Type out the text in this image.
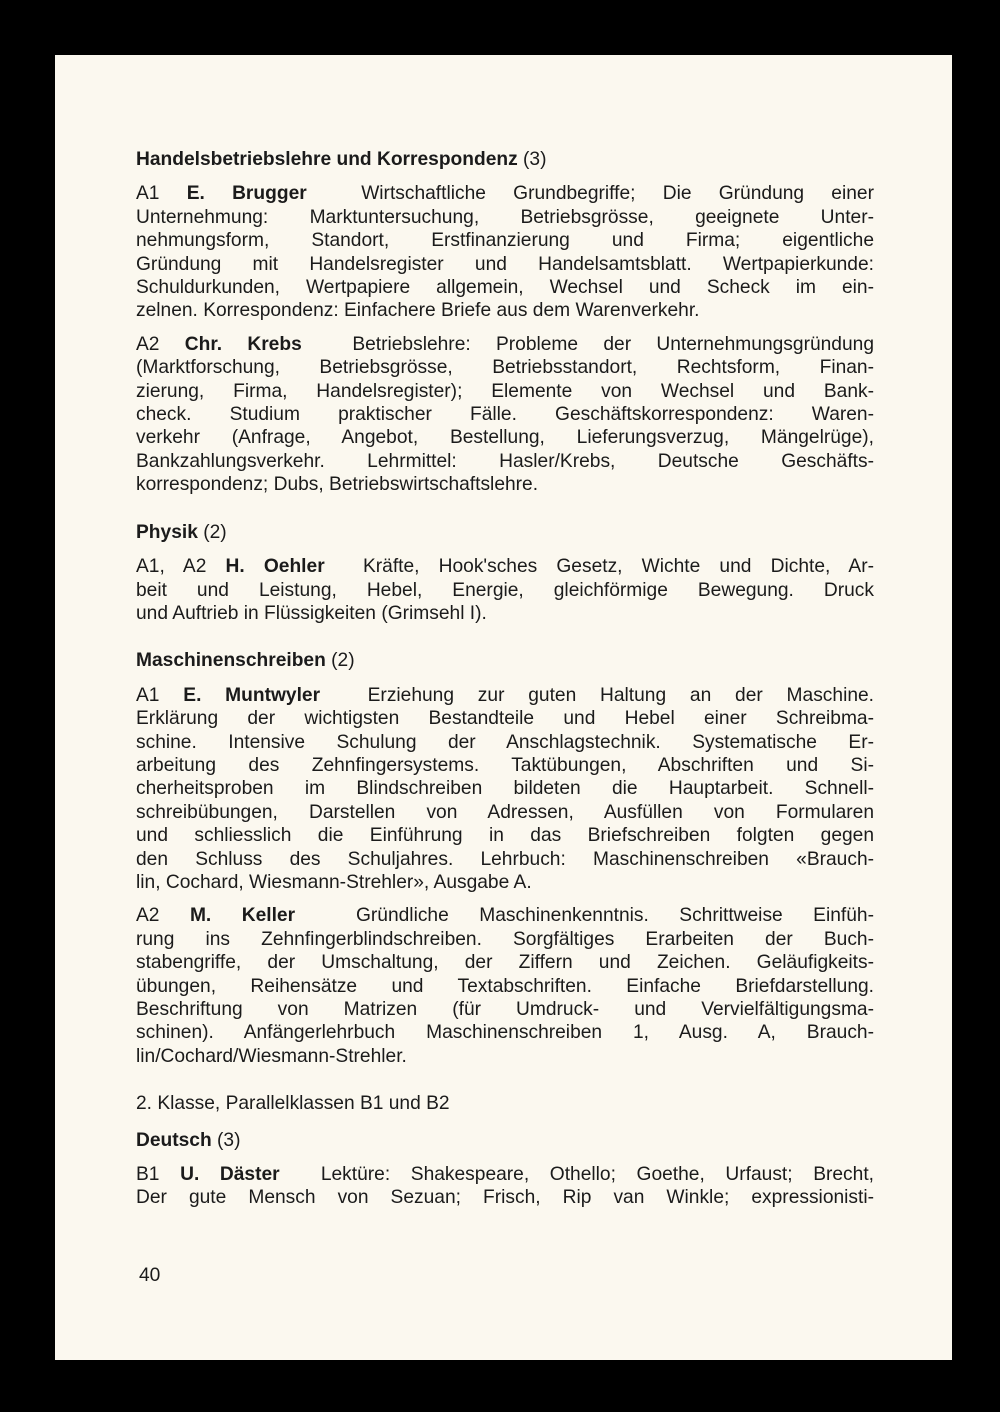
Handelsbetriebslehre und Korrespondenz (3)

A1 E. Brugger	Wirtschaftliche Grundbegriffe; Die Gründung einer
Unternehmung: Marktuntersuchung, Betriebsgrösse, geeignete Unter-
nehmungsform, Standort, Erstfinanzierung und Firma; eigentliche
Gründung mit Handelsregister und Handelsamtsblatt. Wertpapierkunde:
Schuldurkunden, Wertpapiere allgemein, Wechsel und Scheck im ein-
zelnen. Korrespondenz: Einfachere Briefe aus dem Warenverkehr.

A2 Chr. Krebs	Betriebslehre: Probleme der Unternehmungsgründung
(Marktforschung, Betriebsgrösse, Betriebsstandort, Rechtsform, Finan-
zierung, Firma, Handelsregister); Elemente von Wechsel und Bank-
check. Studium praktischer Fälle. Geschäftskorrespondenz: Waren-
verkehr (Anfrage, Angebot, Bestellung, Lieferungsverzug, Mängelrüge),
Bankzahlungsverkehr. Lehrmittel: Hasler/Krebs, Deutsche Geschäfts-
korrespondenz; Dubs, Betriebswirtschaftslehre.

Physik (2)

A1, A2 H. Oehler Kräfte, Hook'sches Gesetz, Wichte und Dichte, Ar-
beit und Leistung, Hebel, Energie, gleichförmige Bewegung. Druck
und Auftrieb in Flüssigkeiten (Grimsehl I).

Maschinenschreiben (2)

A1 E. Muntwyler Erziehung zur guten Haltung an der Maschine.
Erklärung der wichtigsten Bestandteile und Hebel einer Schreibma-
schine. Intensive Schulung der Anschlagstechnik. Systematische Er-
arbeitung des Zehnfingersystems. Taktübungen, Abschriften und Si-
cherheitsproben im Blindschreiben bildeten die Hauptarbeit. Schnell-
schreibübungen, Darstellen von Adressen, Ausfüllen von Formularen
und schliesslich die Einführung in das Briefschreiben folgten gegen
den Schluss des Schuljahres. Lehrbuch: Maschinenschreiben «Brauch-
lin, Cochard, Wiesmann-Strehler», Ausgabe A.

A2 M. Keller	Gründliche Maschinenkenntnis. Schrittweise Einfüh-
rung ins Zehnfingerblindschreiben. Sorgfältiges Erarbeiten der Buch-
stabengriffe, der Umschaltung, der Ziffern und Zeichen. Geläufigkeits-
übungen, Reihensätze und Textabschriften. Einfache Briefdarstellung.
Beschriftung von Matrizen (für Umdruck- und Vervielfältigungsma-
schinen). Anfängerlehrbuch Maschinenschreiben 1, Ausg. A, Brauch-
lin/Cochard/Wiesmann-Strehler.

2. Klasse, Parallelklassen B1 und B2

Deutsch (3)

B1 U. Däster Lektüre: Shakespeare, Othello; Goethe, Urfaust; Brecht,
Der gute Mensch von Sezuan; Frisch, Rip van Winkle; expressionisti-

40
